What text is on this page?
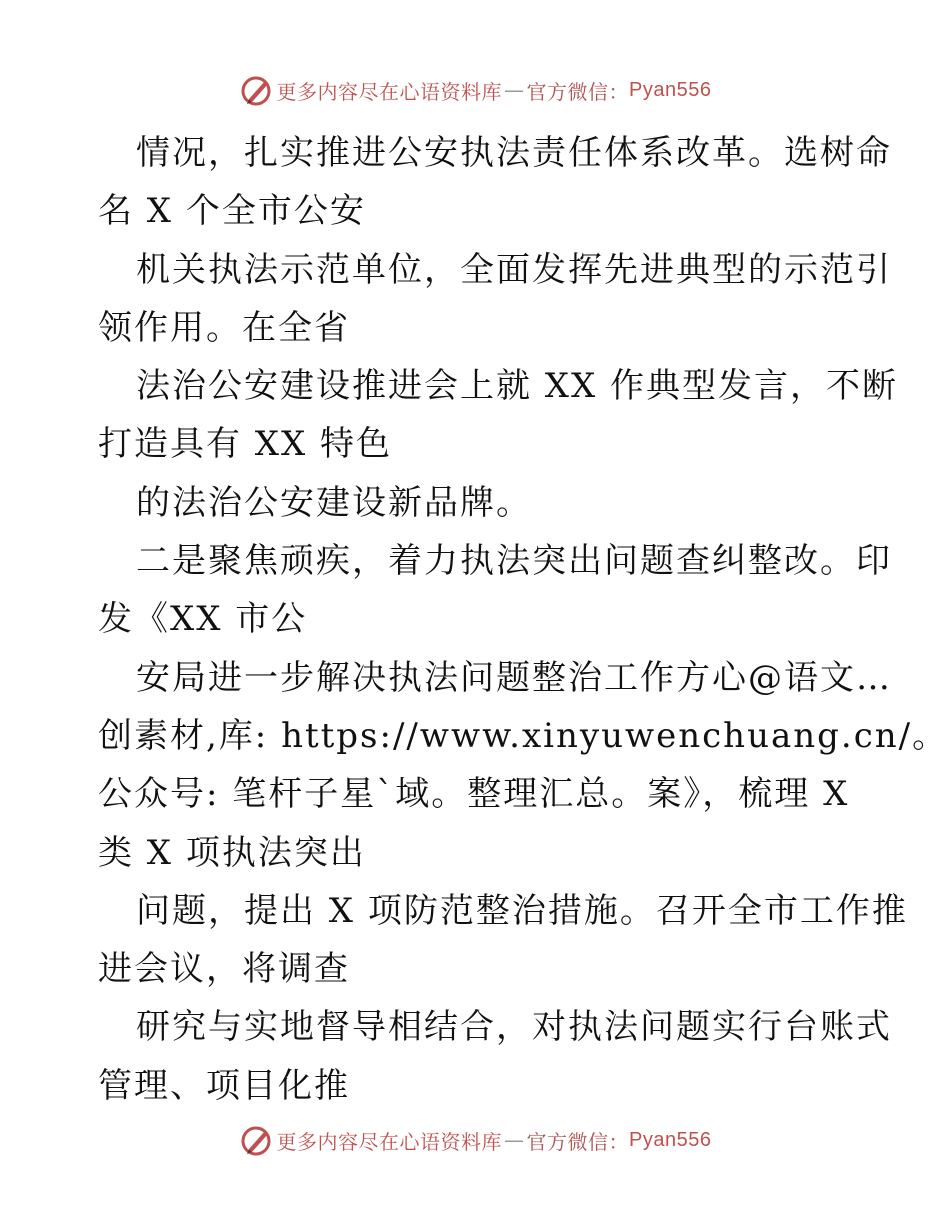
更多内容尽在心语资料库 — 官方微信： Pyan556
情况，扎实推进公安执法责任体系改革。选树命
名 X 个全市公安
机关执法示范单位，全面发挥先进典型的示范引
领作用。在全省
法治公安建设推进会上就 XX 作典型发言，不断
打造具有 XX 特色
的法治公安建设新品牌。
二是聚焦顽疾，着力执法突出问题查纠整改。印
发《XX 市公
安局进一步解决执法问题整治工作方心@语文…
创素材,库: https://www.xinyuwenchuang.cn/。
公众号: 笔杆子星`域。整理汇总。案》，梳理 X
类 X 项执法突出
问题，提出 X 项防范整治措施。召开全市工作推
进会议，将调查
研究与实地督导相结合，对执法问题实行台账式
管理、项目化推
更多内容尽在心语资料库 — 官方微信： Pyan556
